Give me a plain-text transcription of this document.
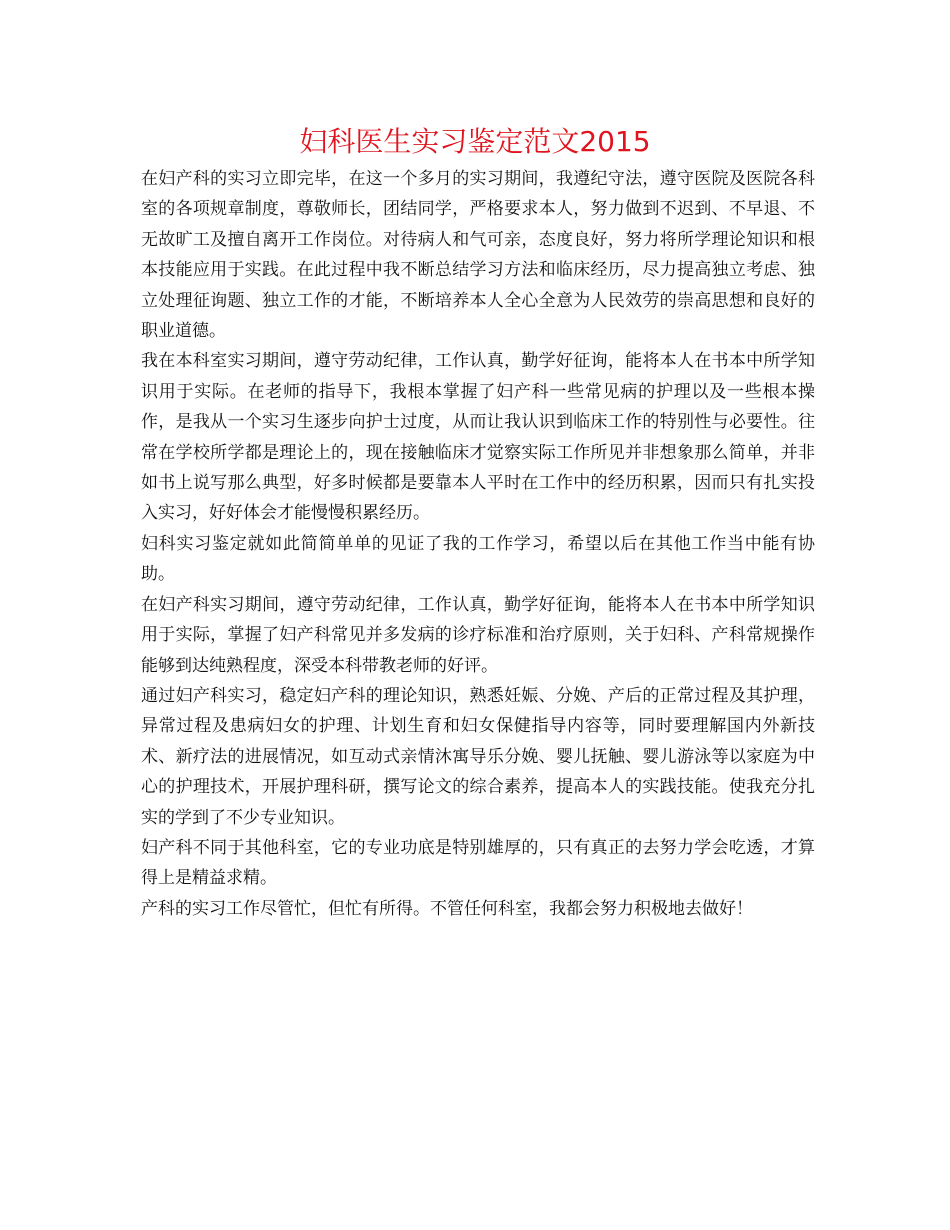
妇科医生实习鉴定范文2015

在妇产科的实习立即完毕，在这一个多月的实习期间，我遵纪守法，遵守医院及医院各科室的各项规章制度，尊敬师长，团结同学，严格要求本人，努力做到不迟到、不早退、不无故旷工及擅自离开工作岗位。对待病人和气可亲，态度良好，努力将所学理论知识和根本技能应用于实践。在此过程中我不断总结学习方法和临床经历，尽力提高独立考虑、独立处理征询题、独立工作的才能，不断培养本人全心全意为人民效劳的崇高思想和良好的职业道德。

我在本科室实习期间，遵守劳动纪律，工作认真，勤学好征询，能将本人在书本中所学知识用于实际。在老师的指导下，我根本掌握了妇产科一些常见病的护理以及一些根本操作，是我从一个实习生逐步向护士过度，从而让我认识到临床工作的特别性与必要性。往常在学校所学都是理论上的，现在接触临床才觉察实际工作所见并非想象那么简单，并非如书上说写那么典型，好多时候都是要靠本人平时在工作中的经历积累，因而只有扎实投入实习，好好体会才能慢慢积累经历。

妇科实习鉴定就如此简简单单的见证了我的工作学习，希望以后在其他工作当中能有协助。

在妇产科实习期间，遵守劳动纪律，工作认真，勤学好征询，能将本人在书本中所学知识用于实际，掌握了妇产科常见并多发病的诊疗标准和治疗原则，关于妇科、产科常规操作能够到达纯熟程度，深受本科带教老师的好评。

通过妇产科实习，稳定妇产科的理论知识，熟悉妊娠、分娩、产后的正常过程及其护理，异常过程及患病妇女的护理、计划生育和妇女保健指导内容等，同时要理解国内外新技术、新疗法的进展情况，如互动式亲情沐寓导乐分娩、婴儿抚触、婴儿游泳等以家庭为中心的护理技术，开展护理科研，撰写论文的综合素养，提高本人的实践技能。使我充分扎实的学到了不少专业知识。

妇产科不同于其他科室，它的专业功底是特别雄厚的，只有真正的去努力学会吃透，才算得上是精益求精。

产科的实习工作尽管忙，但忙有所得。不管任何科室，我都会努力积极地去做好！
